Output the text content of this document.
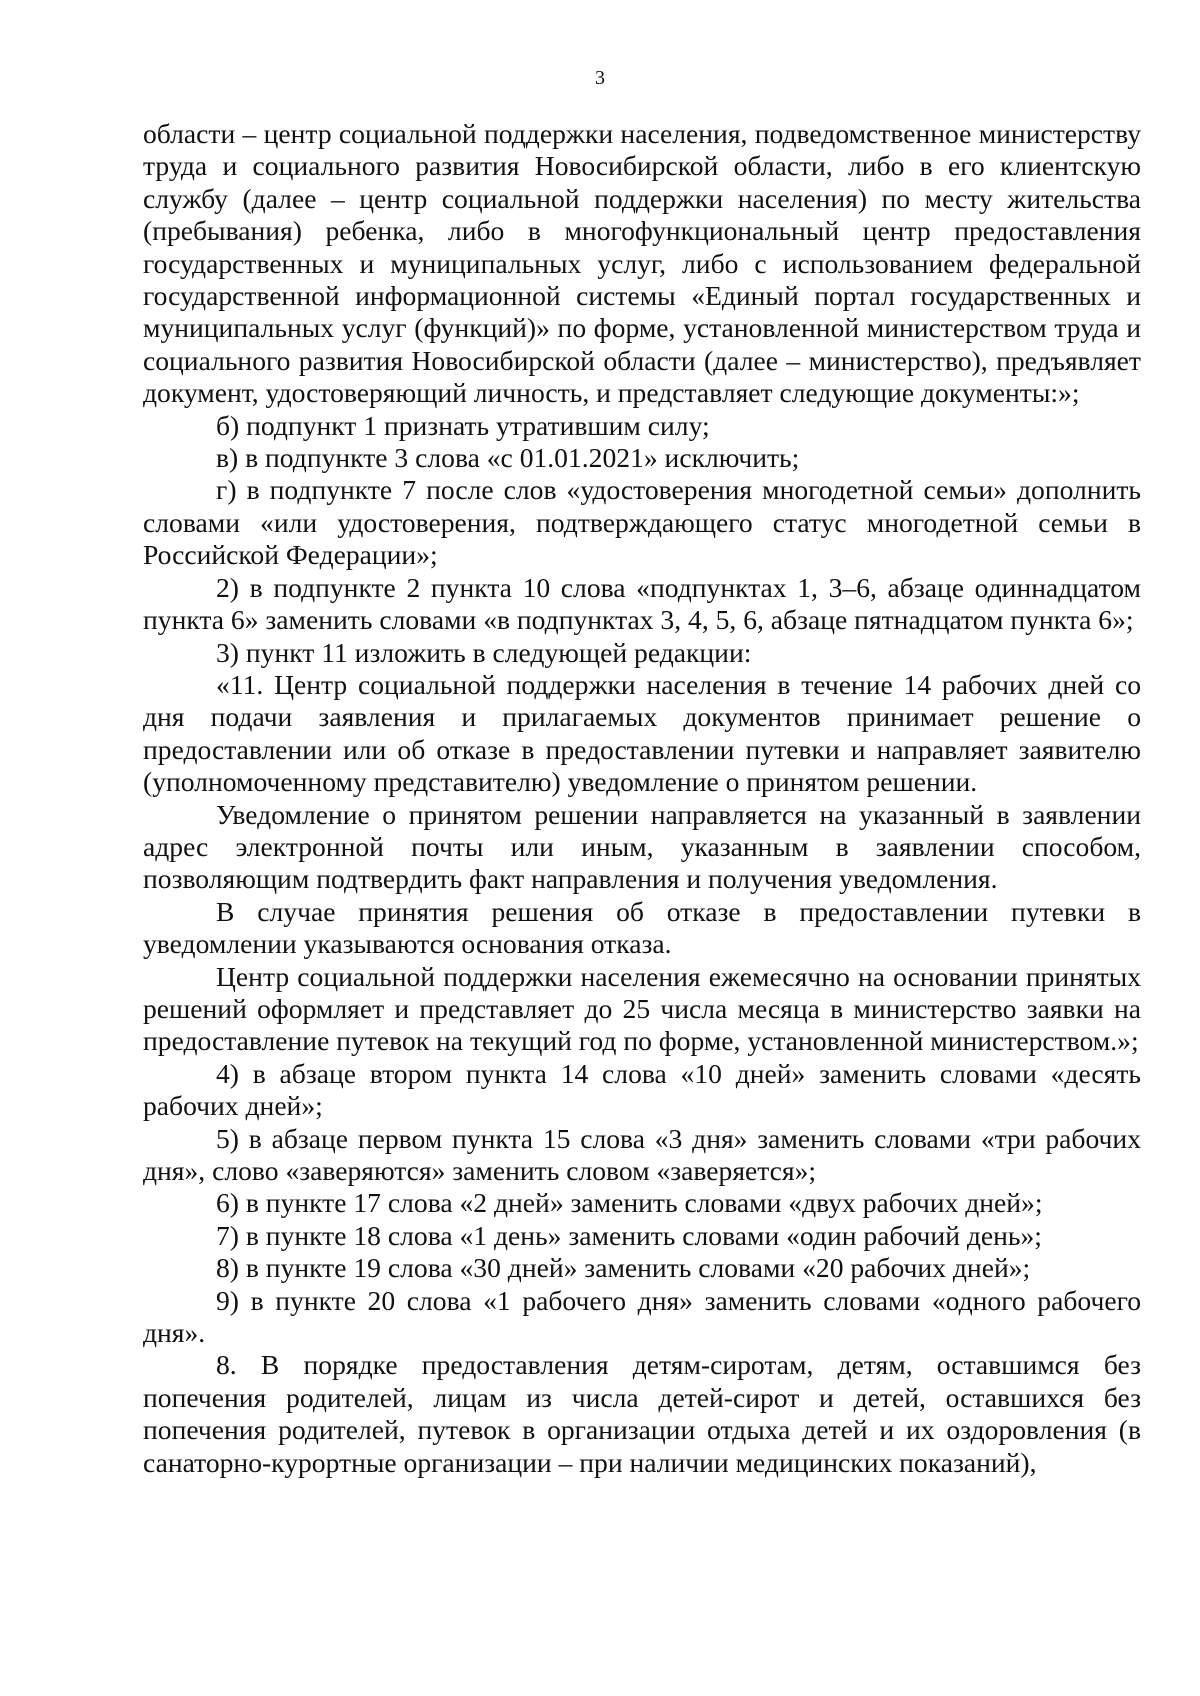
3

области – центр социальной поддержки населения, подведомственное министерству труда и социального развития Новосибирской области, либо в его клиентскую службу (далее – центр социальной поддержки населения) по месту жительства (пребывания) ребенка, либо в многофункциональный центр предоставления государственных и муниципальных услуг, либо с использованием федеральной государственной информационной системы «Единый портал государственных и муниципальных услуг (функций)» по форме, установленной министерством труда и социального развития Новосибирской области (далее – министерство), предъявляет документ, удостоверяющий личность, и представляет следующие документы:»;

б) подпункт 1 признать утратившим силу;

в) в подпункте 3 слова «с 01.01.2021» исключить;

г) в подпункте 7 после слов «удостоверения многодетной семьи» дополнить словами «или удостоверения, подтверждающего статус многодетной семьи в Российской Федерации»;

2) в подпункте 2 пункта 10 слова «подпунктах 1, 3–6, абзаце одиннадцатом пункта 6» заменить словами «в подпунктах 3, 4, 5, 6, абзаце пятнадцатом пункта 6»;

3) пункт 11 изложить в следующей редакции:

«11. Центр социальной поддержки населения в течение 14 рабочих дней со дня подачи заявления и прилагаемых документов принимает решение о предоставлении или об отказе в предоставлении путевки и направляет заявителю (уполномоченному представителю) уведомление о принятом решении.

Уведомление о принятом решении направляется на указанный в заявлении адрес электронной почты или иным, указанным в заявлении способом, позволяющим подтвердить факт направления и получения уведомления.

В случае принятия решения об отказе в предоставлении путевки в уведомлении указываются основания отказа.

Центр социальной поддержки населения ежемесячно на основании принятых решений оформляет и представляет до 25 числа месяца в министерство заявки на предоставление путевок на текущий год по форме, установленной министерством.»;

4) в абзаце втором пункта 14 слова «10 дней» заменить словами «десять рабочих дней»;

5) в абзаце первом пункта 15 слова «3 дня» заменить словами «три рабочих дня», слово «заверяются» заменить словом «заверяется»;

6) в пункте 17 слова «2 дней» заменить словами «двух рабочих дней»;

7) в пункте 18 слова «1 день» заменить словами «один рабочий день»;

8) в пункте 19 слова «30 дней» заменить словами «20 рабочих дней»;

9) в пункте 20 слова «1 рабочего дня» заменить словами «одного рабочего дня».

8. В порядке предоставления детям-сиротам, детям, оставшимся без попечения родителей, лицам из числа детей-сирот и детей, оставшихся без попечения родителей, путевок в организации отдыха детей и их оздоровления (в санаторно-курортные организации – при наличии медицинских показаний),
